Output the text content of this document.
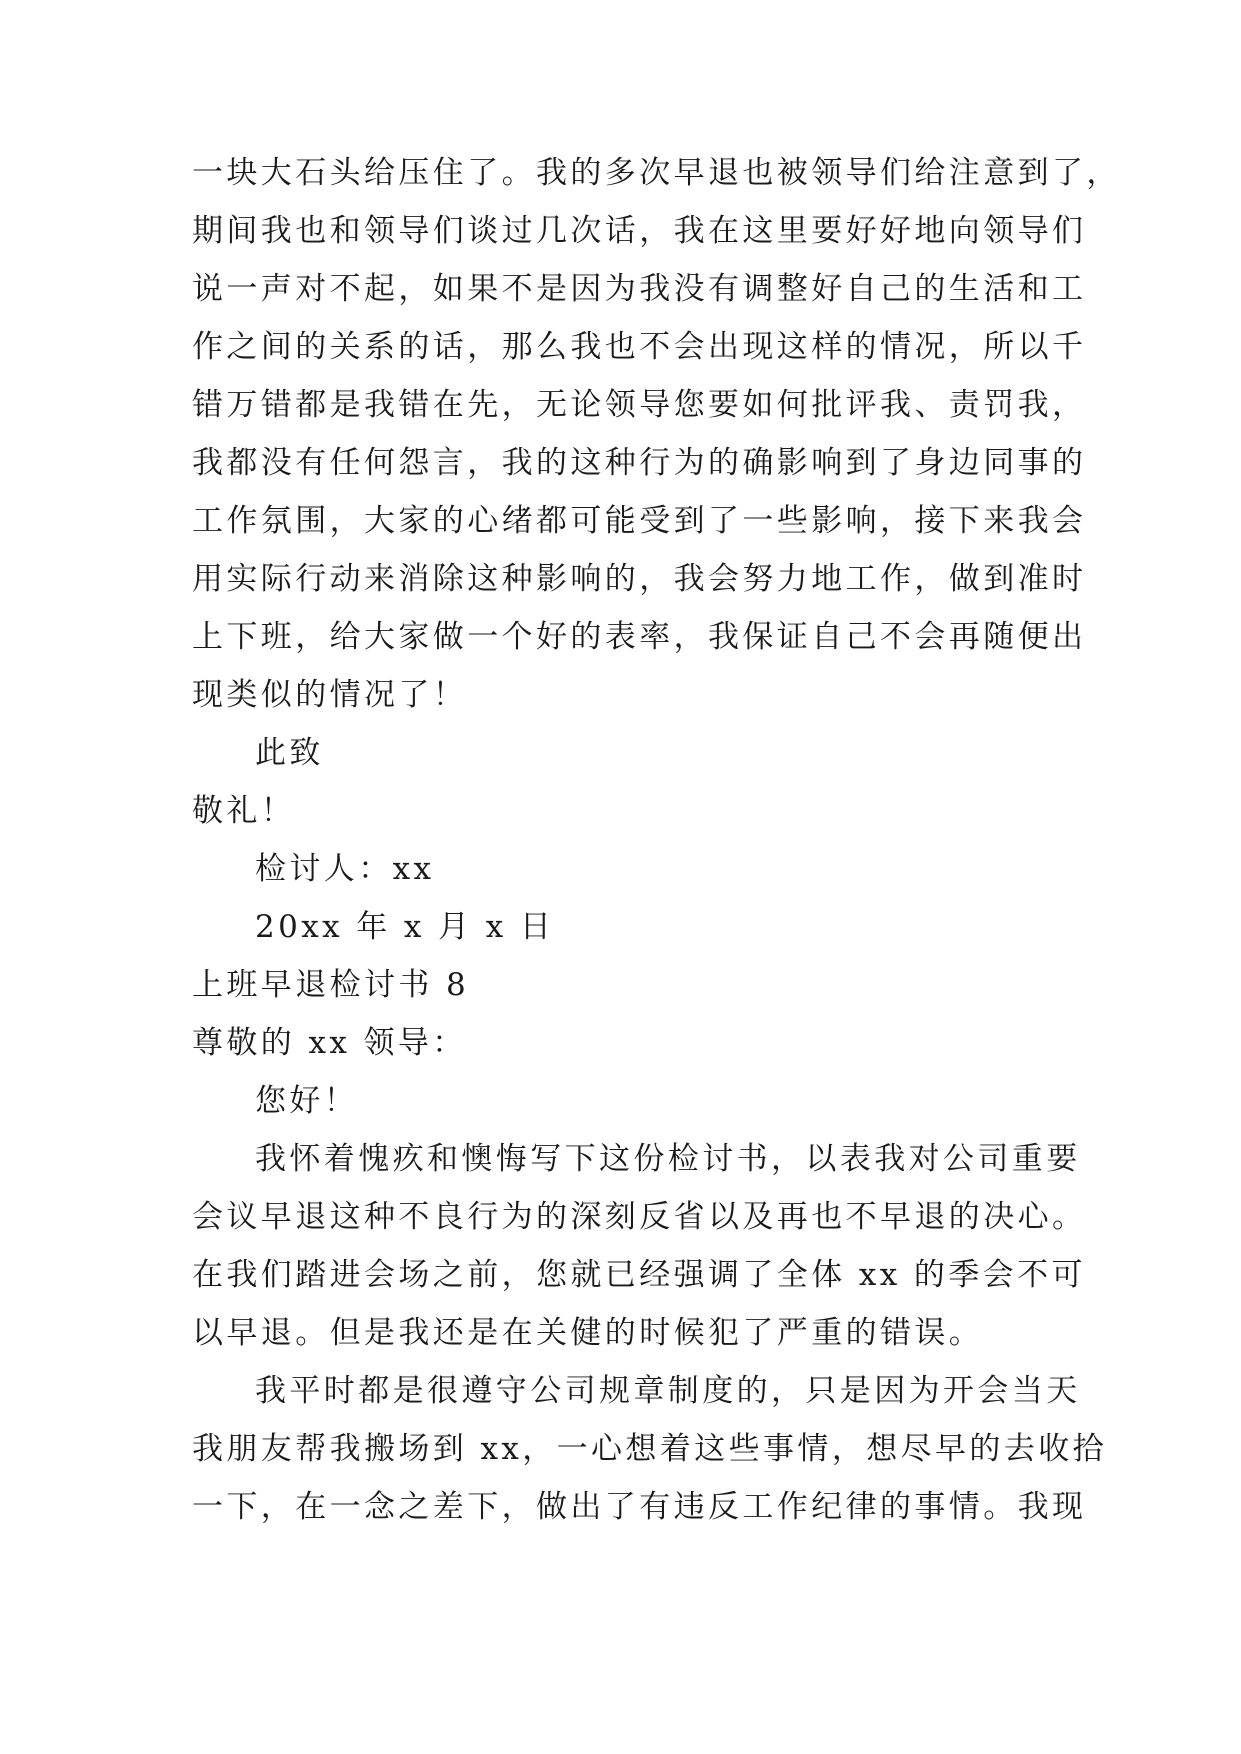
一块大石头给压住了。我的多次早退也被领导们给注意到了，
期间我也和领导们谈过几次话，我在这里要好好地向领导们
说一声对不起，如果不是因为我没有调整好自己的生活和工
作之间的关系的话，那么我也不会出现这样的情况，所以千
错万错都是我错在先，无论领导您要如何批评我、责罚我，
我都没有任何怨言，我的这种行为的确影响到了身边同事的
工作氛围，大家的心绪都可能受到了一些影响，接下来我会
用实际行动来消除这种影响的，我会努力地工作，做到准时
上下班，给大家做一个好的表率，我保证自己不会再随便出
现类似的情况了！
此致
敬礼！
检讨人：xx
20xx 年 x 月 x 日
上班早退检讨书 8
尊敬的 xx 领导：
您好！
我怀着愧疚和懊悔写下这份检讨书，以表我对公司重要
会议早退这种不良行为的深刻反省以及再也不早退的决心。
在我们踏进会场之前，您就已经强调了全体 xx 的季会不可
以早退。但是我还是在关健的时候犯了严重的错误。
我平时都是很遵守公司规章制度的，只是因为开会当天
我朋友帮我搬场到 xx，一心想着这些事情，想尽早的去收拾
一下，在一念之差下，做出了有违反工作纪律的事情。我现
